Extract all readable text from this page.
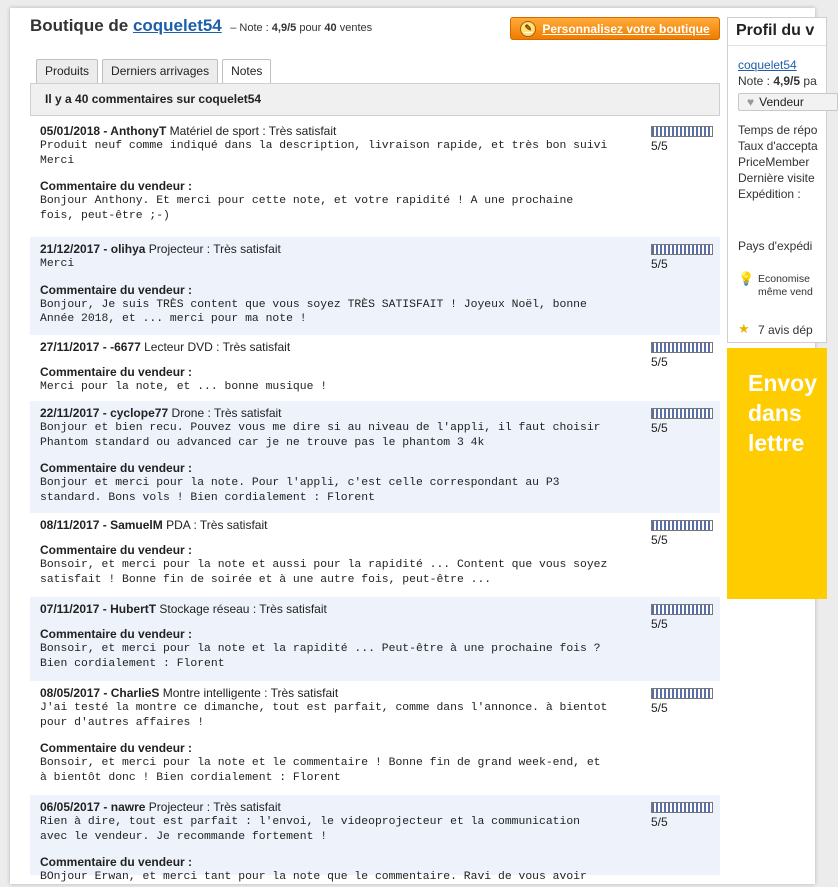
Boutique de coquelet54 – Note : 4,9/5 pour 40 ventes	✎ Personnalisez votre boutique
Produits	Derniers arrivages	Notes
Il y a 40 commentaires sur coquelet54
05/01/2018 - AnthonyT Matériel de sport : Très satisfait
Produit neuf comme indiqué dans la description, livraison rapide, et très bon suivi
Merci
Commentaire du vendeur :
Bonjour Anthony. Et merci pour cette note, et votre rapidité ! A une prochaine
fois, peut-être ;-)
5/5
21/12/2017 - olihya Projecteur : Très satisfait
Merci
Commentaire du vendeur :
Bonjour, Je suis TRÈS content que vous soyez TRÈS SATISFAIT ! Joyeux Noël, bonne
Année 2018, et ... merci pour ma note !
5/5
27/11/2017 - -6677 Lecteur DVD : Très satisfait
Commentaire du vendeur :
Merci pour la note, et ... bonne musique !
5/5
22/11/2017 - cyclope77 Drone : Très satisfait
Bonjour et bien recu. Pouvez vous me dire si au niveau de l'appli, il faut choisir
Phantom standard ou advanced car je ne trouve pas le phantom 3 4k
Commentaire du vendeur :
Bonjour et merci pour la note. Pour l'appli, c'est celle correspondant au P3
standard. Bons vols ! Bien cordialement : Florent
5/5
08/11/2017 - SamuelM PDA : Très satisfait
Commentaire du vendeur :
Bonsoir, et merci pour la note et aussi pour la rapidité ... Content que vous soyez
satisfait ! Bonne fin de soirée et à une autre fois, peut-être ...
5/5
07/11/2017 - HubertT Stockage réseau : Très satisfait
Commentaire du vendeur :
Bonsoir, et merci pour la note et la rapidité ... Peut-être à une prochaine fois ?
Bien cordialement : Florent
5/5
08/05/2017 - CharlieS Montre intelligente : Très satisfait
J'ai testé la montre ce dimanche, tout est parfait, comme dans l'annonce. à bientot
pour d'autres affaires !
Commentaire du vendeur :
Bonsoir, et merci pour la note et le commentaire ! Bonne fin de grand week-end, et
à bientôt donc ! Bien cordialement : Florent
5/5
06/05/2017 - nawre Projecteur : Très satisfait
Rien à dire, tout est parfait : l'envoi, le videoprojecteur et la communication
avec le vendeur. Je recommande fortement !
Commentaire du vendeur :
BOnjour Erwan, et merci tant pour la note que le commentaire. Ravi de vous avoir
5/5
Profil du v
coquelet54
Note : 4,9/5 pa
♥ Vendeur
Temps de répo
Taux d'accepta
PriceMember
Dernière visite
Expédition :
Pays d'expédi
💡 Economise
même vend
★ 7 avis dép
Envoy
dans
lettre
